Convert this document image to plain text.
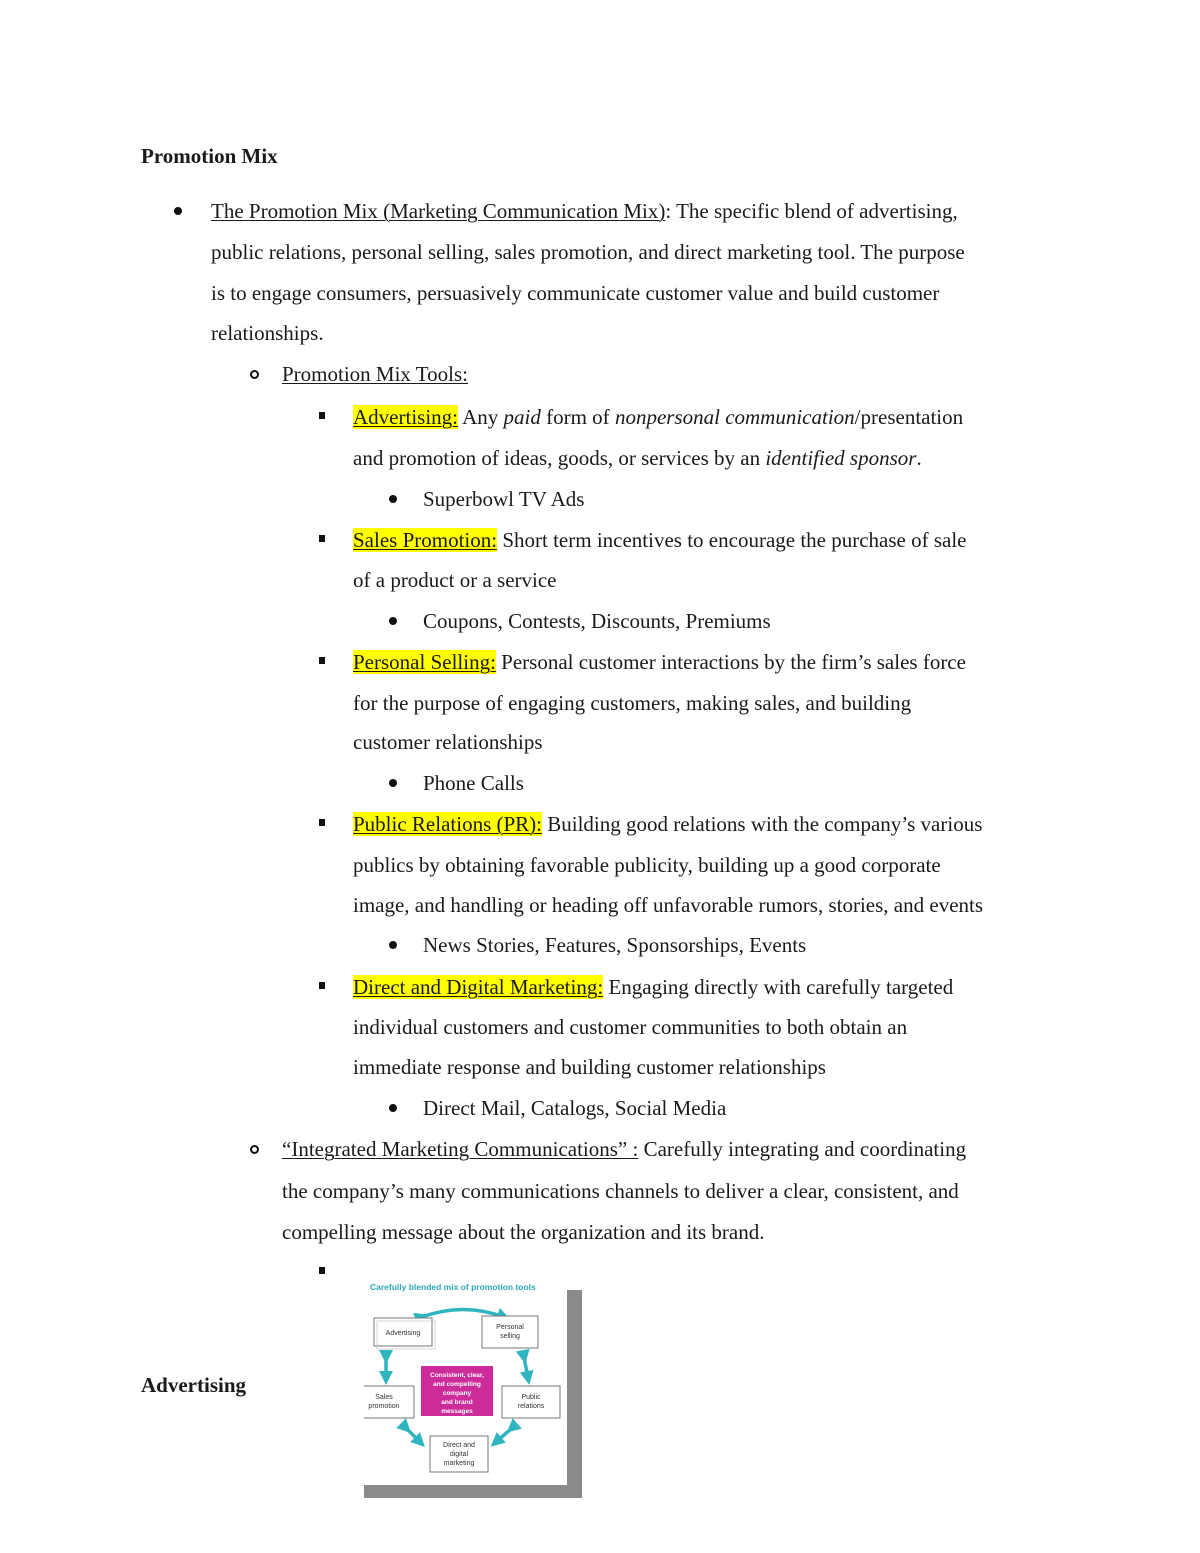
Promotion Mix
The Promotion Mix (Marketing Communication Mix): The specific blend of advertising,
public relations, personal selling, sales promotion, and direct marketing tool. The purpose
is to engage consumers, persuasively communicate customer value and build customer
relationships.
Promotion Mix Tools:
Advertising: Any paid form of nonpersonal communication/presentation
and promotion of ideas, goods, or services by an identified sponsor.
Superbowl TV Ads
Sales Promotion: Short term incentives to encourage the purchase of sale
of a product or a service
Coupons, Contests, Discounts, Premiums
Personal Selling: Personal customer interactions by the firm’s sales force
for the purpose of engaging customers, making sales, and building
customer relationships
Phone Calls
Public Relations (PR): Building good relations with the company’s various
publics by obtaining favorable publicity, building up a good corporate
image, and handling or heading off unfavorable rumors, stories, and events
News Stories, Features, Sponsorships, Events
Direct and Digital Marketing: Engaging directly with carefully targeted
individual customers and customer communities to both obtain an
immediate response and building customer relationships
Direct Mail, Catalogs, Social Media
“Integrated Marketing Communications” : Carefully integrating and coordinating
the company’s many communications channels to deliver a clear, consistent, and
compelling message about the organization and its brand.
Advertising
Carefully blended mix of promotion tools
Advertising
Personal
selling
Sales
promotion
Public
relations
Direct and
digital
marketing
Consistent, clear,
and compelling
company
and brand
messages
